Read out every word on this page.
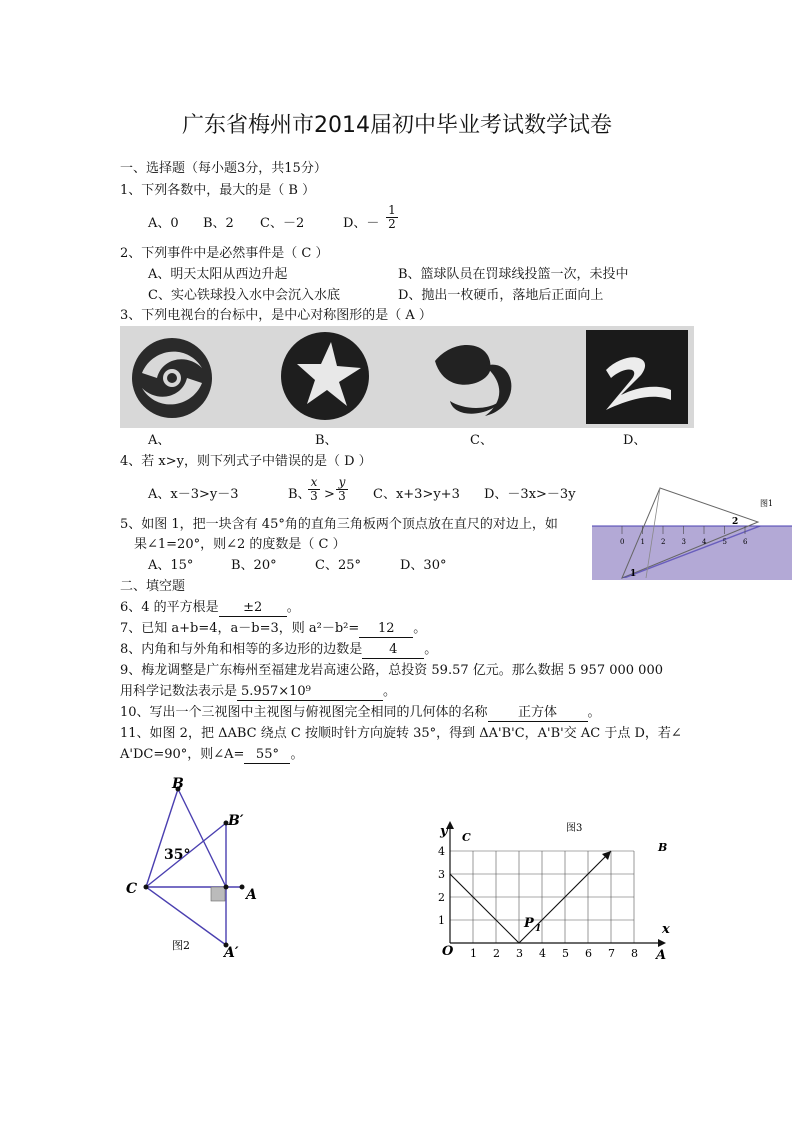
广东省梅州市2014届初中毕业考试数学试卷
一、选择题（每小题3分，共15分）
1、下列各数中，最大的是（ B ）
A、0 B、2 C、－2	D、－ $\frac{1}{2}$
2、下列事件中是必然事件是（ C ）
A、明天太阳从西边升起	B、篮球队员在罚球线投篮一次，未投中
C、实心铁球投入水中会沉入水底	D、抛出一枚硬币，落地后正面向上
3、下列电视台的台标中，是中心对称图形的是（ A ）
A、	B、	C、	D、
4、若 x>y，则下列式子中错误的是（ D ）
A、x－3>y－3	B、
$\frac{x}{3} > \frac{y}{3}$ C、x+3>y+3 D、－3x>－3y
0 1 2 3 4 5 6
1
2
图1
5、如图 1，把一块含有 45°角的直角三角板两个顶点放在直尺的对边上，如
果∠1=20°，则∠2 的度数是（ C ）
A、15°	B、20°	C、25°	D、30°
二、填空题
6、4 的平方根是 ±2 。
7、已知 a+b=4，a－b=3，则 a²－b²= 12 。
8、内角和与外角和相等的多边形的边数是 4 。
9、梅龙调整是广东梅州至福建龙岩高速公路，总投资 59.57 亿元。那么数据 5 957 000 000
用科学记数法表示是 5.957×10⁹	。
10、写出一个三视图中主视图与俯视图完全相同的几何体的名称 正方体 。
11、如图 2，把 ΔABC 绕点 C 按顺时针方向旋转 35°，得到 ΔA'B'C，A'B'交 AC 于点 D，若∠
A'DC=90°，则∠A= 55° 。
B
B′
C	A
A′
35°
图2
1 2 3 4 5 6 7 8
1
2
3
4
y
x
O	A
B
C
P 1
图3
